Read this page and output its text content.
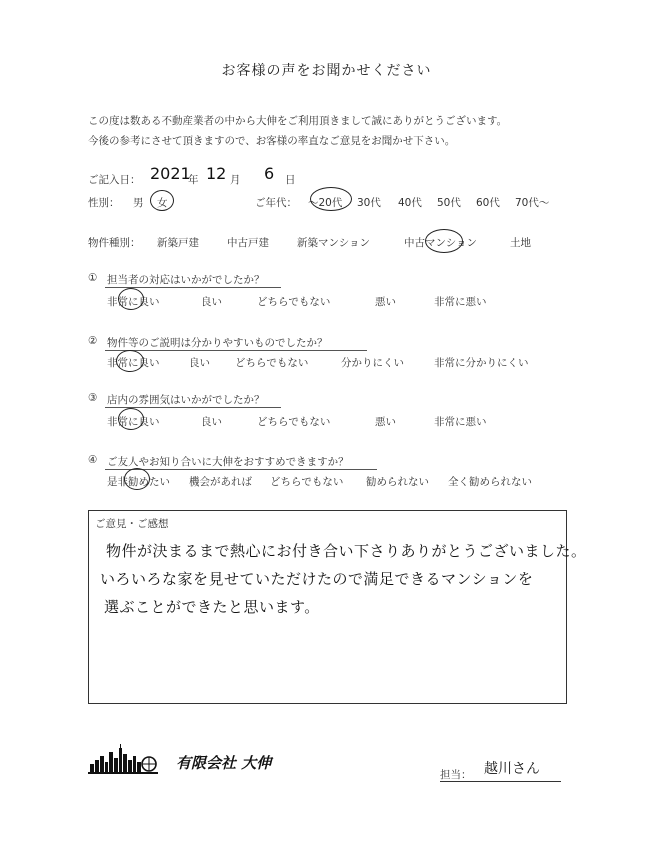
お客様の声をお聞かせください
この度は数ある不動産業者の中から大伸をご利用頂きまして誠にありがとうございます。
今後の参考にさせて頂きますので、お客様の率直なご意見をお聞かせ下さい。
ご記入日： 2021
年 12 月 6 日
性別： 男 女	ご年代： 〜20代 30代 40代 50代 60代 70代〜
物件種別： 新築戸建	中古戸建	新築マンション	中古マンション	土地
① 担当者の対応はいかがでしたか？
非常に良い	良い	どちらでもない	悪い	非常に悪い
② 物件等のご説明は分かりやすいものでしたか？
非常に良い	良い どちらでもない	分かりにくい	非常に分かりにくい
③ 店内の雰囲気はいかがでしたか？
非常に良い	良い	どちらでもない	悪い	非常に悪い
④ ご友人やお知り合いに大伸をおすすめできますか？
是非勧めたい 機会があれば どちらでもない 勧められない 全く勧められない
ご意見・ご感想
物件が決まるまで熱心にお付き合い下さりありがとうございました。
いろいろな家を見せていただけたので満足できるマンションを
選ぶことができたと思います。
有限会社 大伸
担当： 越川さん
